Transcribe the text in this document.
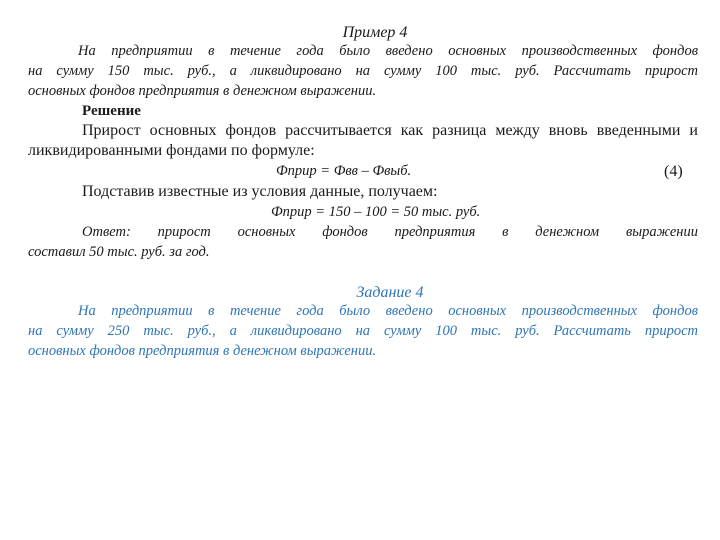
Пример 4
На предприятии в течение года было введено основных производственных фондов
на сумму 150 тыс. руб., а ликвидировано на сумму 100 тыс. руб. Рассчитать прирост
основных фондов предприятия в денежном выражении.
Решение
Прирост основных фондов рассчитывается как разница между вновь введенными и
ликвидированными фондами по формуле:
Фприр = Фвв – Фвыб.	(4)
Подставив известные из условия данные, получаем:
Фприр = 150 – 100 = 50 тыс. руб.
Ответ: прирост основных фондов предприятия в денежном выражении
составил 50 тыс. руб. за год.
Задание 4
На предприятии в течение года было введено основных производственных фондов
на сумму 250 тыс. руб., а ликвидировано на сумму 100 тыс. руб. Рассчитать прирост
основных фондов предприятия в денежном выражении.
